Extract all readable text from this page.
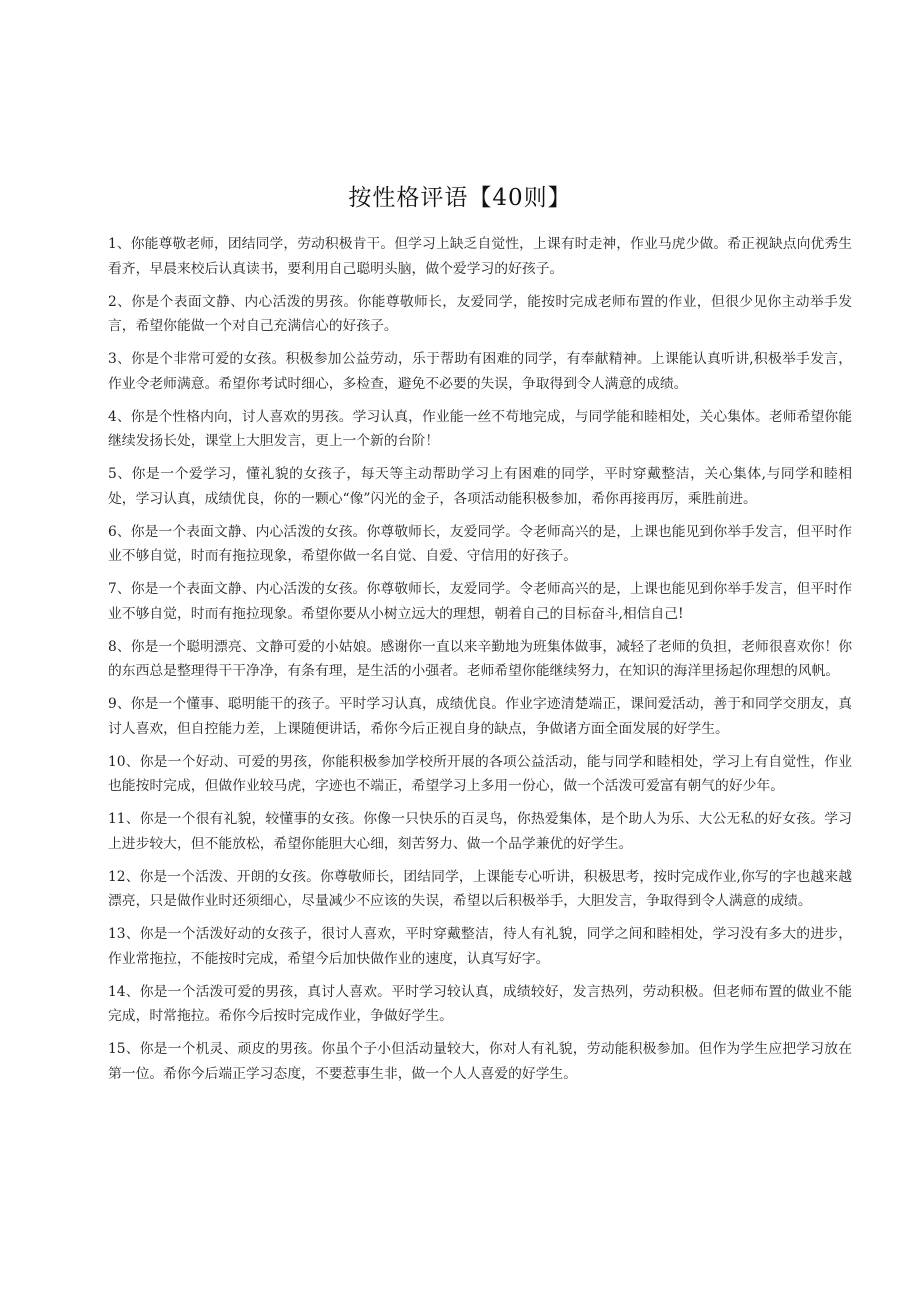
按性格评语【40则】

1、你能尊敬老师，团结同学，劳动积极肯干。但学习上缺乏自觉性，上课有时走神，作业马虎少做。希正视缺点向优秀生看齐，早晨来校后认真读书，要利用自己聪明头脑，做个爱学习的好孩子。

2、你是个表面文静、内心活泼的男孩。你能尊敬师长，友爱同学，能按时完成老师布置的作业，但很少见你主动举手发言，希望你能做一个对自己充满信心的好孩子。

3、你是个非常可爱的女孩。积极参加公益劳动，乐于帮助有困难的同学，有奉献精神。上课能认真听讲,积极举手发言，作业令老师满意。希望你考试时细心，多检查，避免不必要的失误，争取得到令人满意的成绩。

4、你是个性格内向，讨人喜欢的男孩。学习认真，作业能一丝不苟地完成，与同学能和睦相处，关心集体。老师希望你能继续发扬长处，课堂上大胆发言，更上一个新的台阶！

5、你是一个爱学习，懂礼貌的女孩子，每天等主动帮助学习上有困难的同学，平时穿戴整洁，关心集体,与同学和睦相处，学习认真，成绩优良，你的一颗心“像”闪光的金子，各项活动能积极参加，希你再接再厉，乘胜前进。

6、你是一个表面文静、内心活泼的女孩。你尊敬师长，友爱同学。令老师高兴的是，上课也能见到你举手发言，但平时作业不够自觉，时而有拖拉现象，希望你做一名自觉、自爱、守信用的好孩子。

7、你是一个表面文静、内心活泼的女孩。你尊敬师长，友爱同学。令老师高兴的是，上课也能见到你举手发言，但平时作业不够自觉，时而有拖拉现象。希望你要从小树立远大的理想，朝着自己的目标奋斗,相信自己!

8、你是一个聪明漂亮、文静可爱的小姑娘。感谢你一直以来辛勤地为班集体做事，减轻了老师的负担，老师很喜欢你！你的东西总是整理得干干净净，有条有理，是生活的小强者。老师希望你能继续努力，在知识的海洋里扬起你理想的风帆。

9、你是一个懂事、聪明能干的孩子。平时学习认真，成绩优良。作业字迹清楚端正，课间爱活动，善于和同学交朋友，真讨人喜欢，但自控能力差，上课随便讲话，希你今后正视自身的缺点，争做诸方面全面发展的好学生。

10、你是一个好动、可爱的男孩，你能积极参加学校所开展的各项公益活动，能与同学和睦相处，学习上有自觉性，作业也能按时完成，但做作业较马虎，字迹也不端正，希望学习上多用一份心，做一个活泼可爱富有朝气的好少年。

11、你是一个很有礼貌，较懂事的女孩。你像一只快乐的百灵鸟，你热爱集体，是个助人为乐、大公无私的好女孩。学习上进步较大，但不能放松，希望你能胆大心细，刻苦努力、做一个品学兼优的好学生。

12、你是一个活泼、开朗的女孩。你尊敬师长，团结同学，上课能专心听讲，积极思考，按时完成作业,你写的字也越来越漂亮，只是做作业时还须细心，尽量减少不应该的失误，希望以后积极举手，大胆发言，争取得到令人满意的成绩。

13、你是一个活泼好动的女孩子，很讨人喜欢，平时穿戴整洁，待人有礼貌，同学之间和睦相处，学习没有多大的进步，作业常拖拉，不能按时完成，希望今后加快做作业的速度，认真写好字。

14、你是一个活泼可爱的男孩，真讨人喜欢。平时学习较认真，成绩较好，发言热列，劳动积极。但老师布置的做业不能完成，时常拖拉。希你今后按时完成作业，争做好学生。

15、你是一个机灵、顽皮的男孩。你虽个子小但活动量较大，你对人有礼貌，劳动能积极参加。但作为学生应把学习放在第一位。希你今后端正学习态度，不要惹事生非，做一个人人喜爱的好学生。
